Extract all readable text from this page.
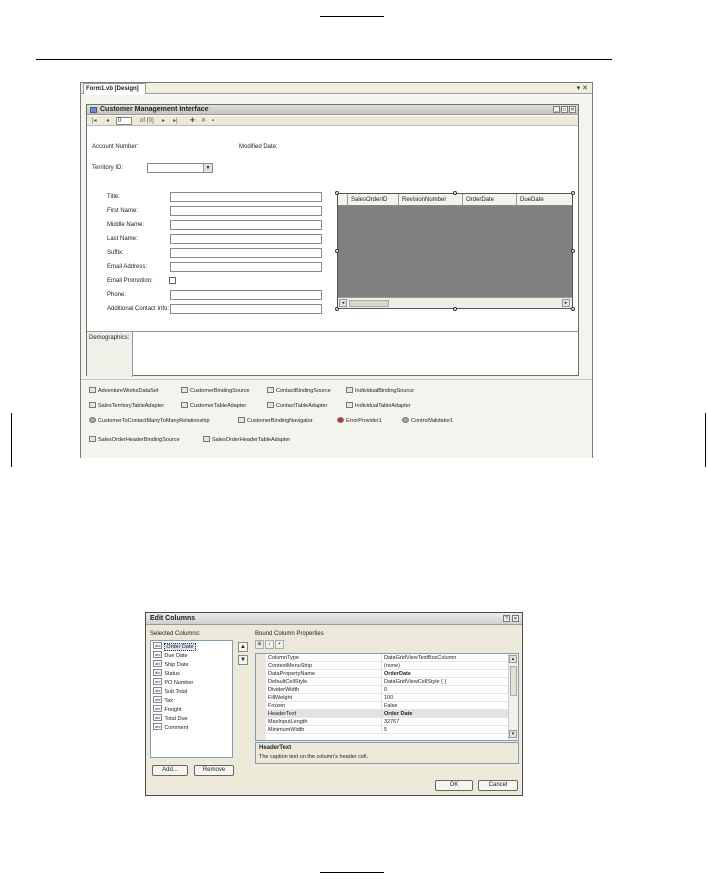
Form1.vb [Design]	▾ ✕
Customer Management Interface	_	□ ✕
|◂ ◂	0	of {0} ▸ ▸| ✚ ✕ ▪
Account Number:	Modified Date:
Territory ID:	▼
Title:
First Name:
Middle Name:
Last Name:
Suffix:
Email Address:
Email Promotion:
Phone:
Additional Contact Info:
SalesOrderID	RevisionNumber	OrderDate	DueDate
◂	▸
Demographics:
AdventureWorksDataSet	CustomerBindingSource	ContactBindingSource	IndividualBindingSource
SalesTerritoryTableAdapter	CustomerTableAdapter	ContactTableAdapter	IndividualTableAdapter
CustomerToContactManyToManyRelationship	CustomerBindingNavigator	ErrorProvider1	ControlValidator1
SalesOrderHeaderBindingSource	SalesOrderHeaderTableAdapter
Edit Columns	?	✕
Selected Columns:
abl Order Date
abl Due Date
abl Ship Date
abl Status
abl PO Number
abl Sub Total
abl Tax
abl Freight
abl Total Due
abl Comment
▲
▼
Add...	Remove
Bound Column Properties
⊞	↓	▪
ColumnType	DataGridViewTextBoxColumn
ContextMenuStrip	(none)
DataPropertyName	OrderDate
DefaultCellStyle	DataGridViewCellStyle { }
DividerWidth	0
FillWeight	100
Frozen	False
HeaderText	Order Date
MaxInputLength	32767
MinimumWidth	5
▴
▾
HeaderText
The caption text on the column's header cell.
OK	Cancel
